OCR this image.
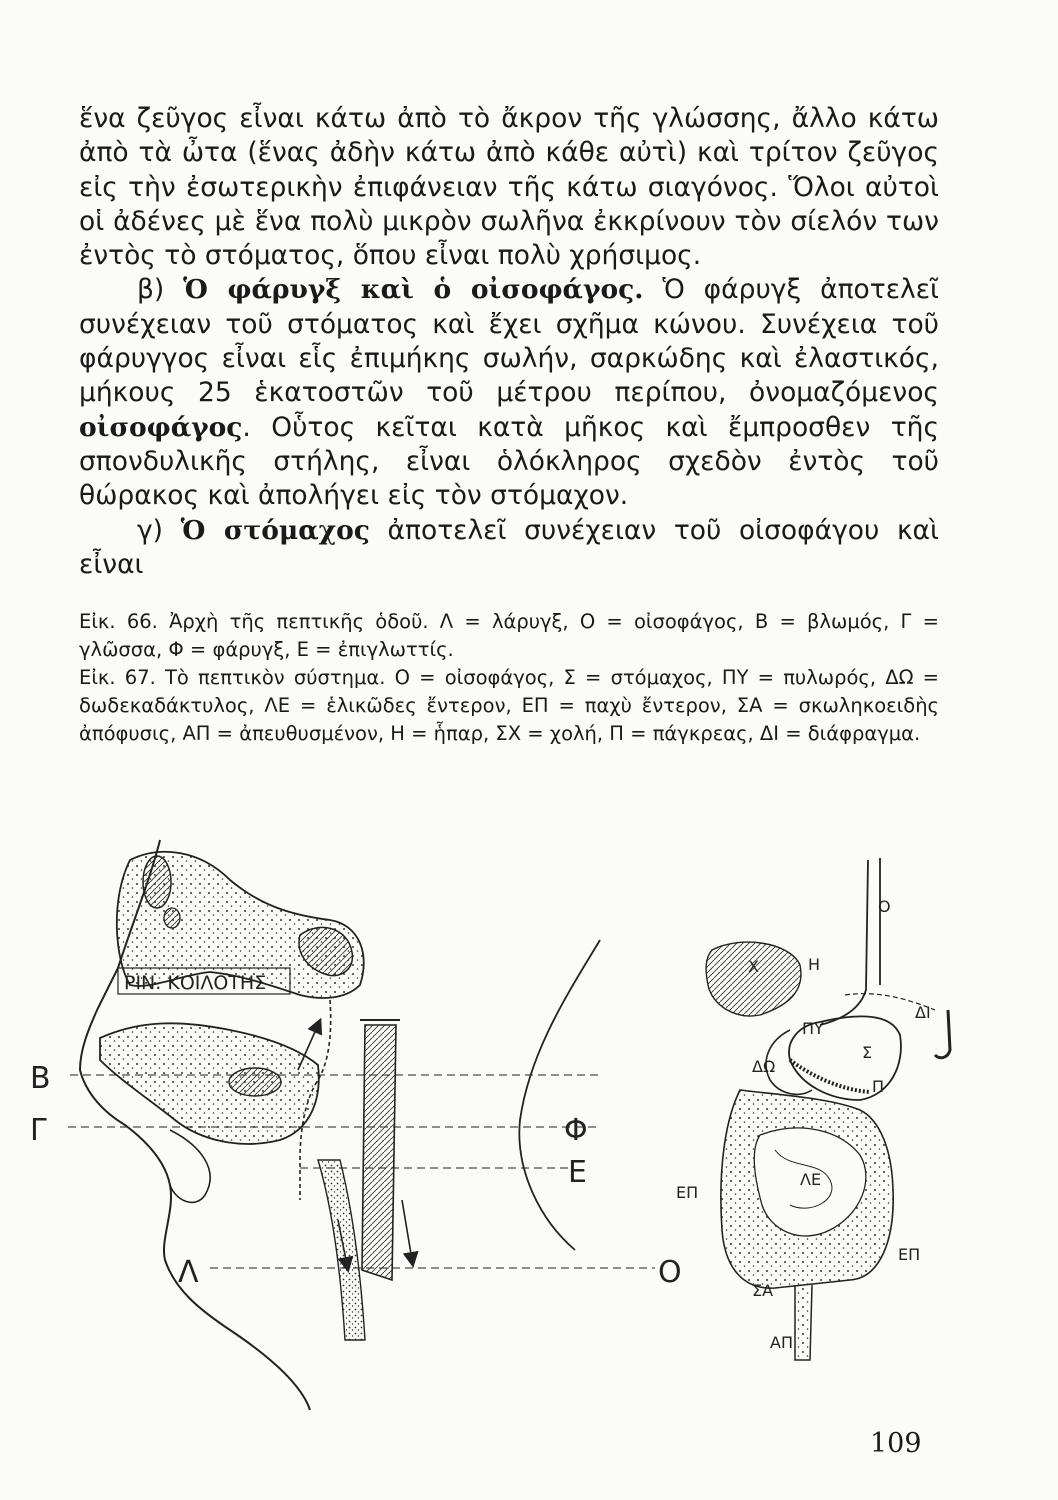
ἕνα ζεῦγος εἶναι κάτω ἀπὸ τὸ ἄκρον τῆς γλώσσης, ἄλλο κάτω ἀπὸ τὰ ὦτα (ἕνας ἀδὴν κάτω ἀπὸ κάθε αὐτὶ) καὶ τρίτον ζεῦγος εἰς τὴν ἐσωτερικὴν ἐπιφάνειαν τῆς κάτω σιαγόνος. Ὅλοι αὐτοὶ οἱ ἀδένες μὲ ἕνα πολὺ μικρὸν σωλῆνα ἐκκρίνουν τὸν σίελόν των ἐντὸς τὸ στόματος, ὅπου εἶναι πολὺ χρήσιμος.

β) Ὁ φάρυγξ καὶ ὁ οἰσοφάγος. Ὁ φάρυγξ ἀποτελεῖ συνέχειαν τοῦ στόματος καὶ ἔχει σχῆμα κώνου. Συνέχεια τοῦ φάρυγγος εἶναι εἷς ἐπιμήκης σωλήν, σαρκώδης καὶ ἐλαστικός, μήκους 25 ἑκατοστῶν τοῦ μέτρου περίπου, ὀνομαζόμενος οἰσοφάγος. Οὗτος κεῖται κατὰ μῆκος καὶ ἔμπροσθεν τῆς σπονδυλικῆς στήλης, εἶναι ὁλόκληρος σχεδὸν ἐντὸς τοῦ θώρακος καὶ ἀπολήγει εἰς τὸν στόμαχον.

γ) Ὁ στόμαχος ἀποτελεῖ συνέχειαν τοῦ οἰσοφάγου καὶ εἶναι

Εἰκ. 66. Ἀρχὴ τῆς πεπτικῆς ὁδοῦ. Λ = λάρυγξ, Ο = οἰσοφάγος, Β = βλωμός, Γ = γλῶσσα, Φ = φάρυγξ, Ε = ἐπιγλωττίς.

Εἰκ. 67. Τὸ πεπτικὸν σύστημα. Ο = οἰσοφάγος, Σ = στόμαχος, ΠΥ = πυλωρός, ΔΩ = δωδεκαδάκτυλος, ΛΕ = ἑλικῶδες ἔντερον, ΕΠ = παχὺ ἔντερον, ΣΑ = σκωληκοειδὴς ἀπόφυσις, ΑΠ = ἀπευθυσμένον, Η = ἧπαρ, ΣΧ = χολή, Π = πάγκρεας, ΔΙ = διάφραγμα.

ΡΙΝ. ΚΟΙΛΟΤΗΣ
Β
Γ
Λ
Φ
Ε
Ο
Ο
Χ	Η
ΔΙ
ΠΥ
Σ
ΔΩ
Π
ΛΕ
ΕΠ
ΕΠ
ΣΑ
ΑΠ
109
